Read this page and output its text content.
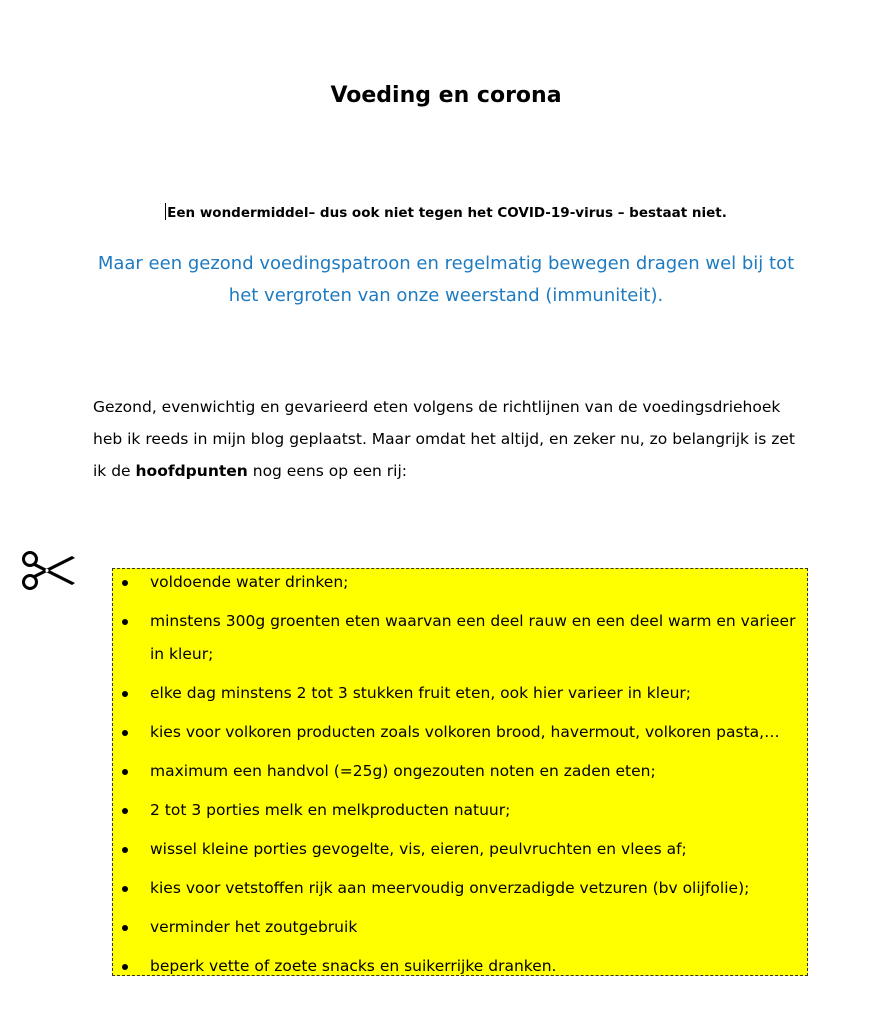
Voeding en corona

Een wondermiddel– dus ook niet tegen het COVID-19-virus – bestaat niet.

Maar een gezond voedingspatroon en regelmatig bewegen dragen wel bij tot het vergroten van onze weerstand (immuniteit).

Gezond, evenwichtig en gevarieerd eten volgens de richtlijnen van de voedingsdriehoek heb ik reeds in mijn blog geplaatst. Maar omdat het altijd, en zeker nu, zo belangrijk is zet ik de hoofdpunten nog eens op een rij:

voldoende water drinken;
minstens 300g groenten eten waarvan een deel rauw en een deel warm en varieer in kleur;
elke dag minstens 2 tot 3 stukken fruit eten, ook hier varieer in kleur;
kies voor volkoren producten zoals volkoren brood, havermout, volkoren pasta,…
maximum een handvol (=25g) ongezouten noten en zaden eten;
2 tot 3 porties melk en melkproducten natuur;
wissel kleine porties gevogelte, vis, eieren, peulvruchten en vlees af;
kies voor vetstoffen rijk aan meervoudig onverzadigde vetzuren (bv olijfolie);
verminder het zoutgebruik
beperk vette of zoete snacks en suikerrijke dranken.
